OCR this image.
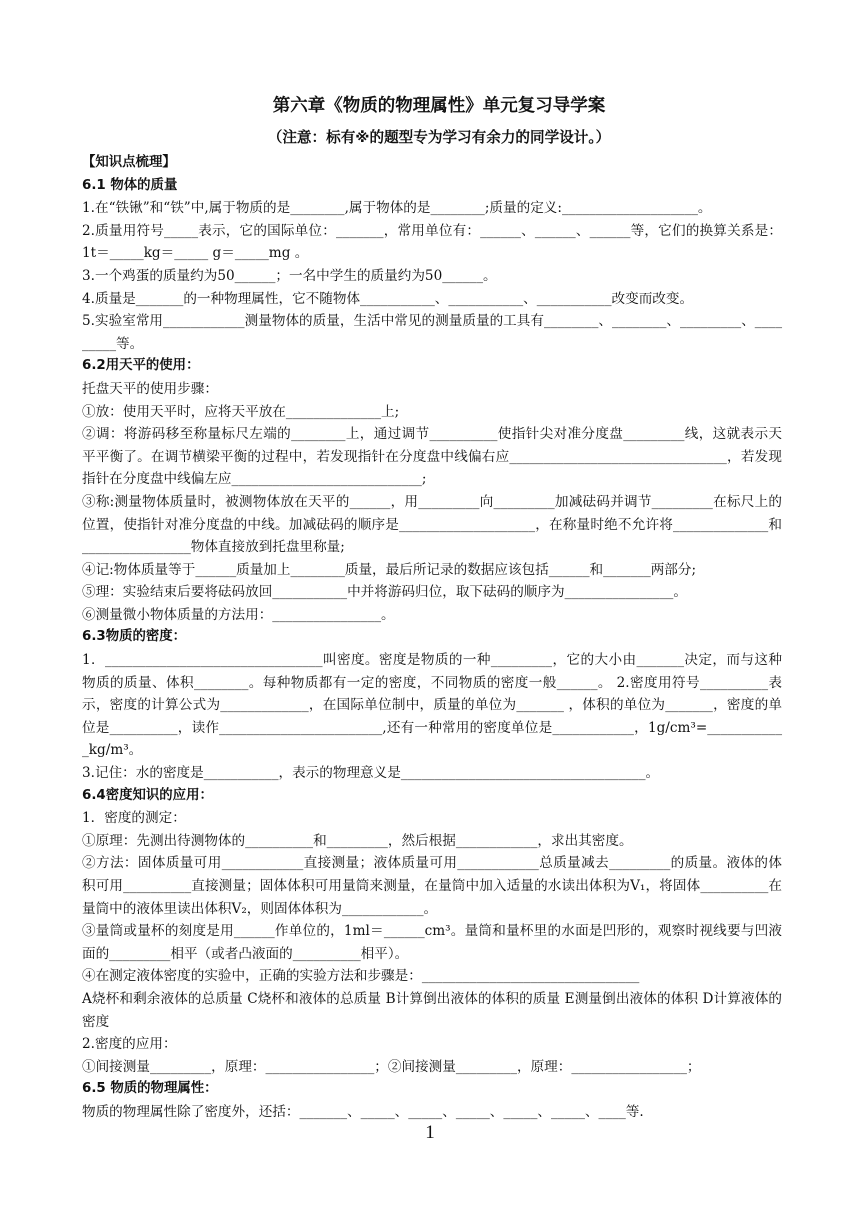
第六章《物质的物理属性》单元复习导学案
（注意：标有※的题型专为学习有余力的同学设计。）
【知识点梳理】
6.1 物体的质量
1.在“铁锹”和“铁”中,属于物质的是________,属于物体的是________;质量的定义:____________________。
2.质量用符号_____表示，它的国际单位：_______，常用单位有：______、______、______等，它们的换算关系是：1t＝_____kg＝_____ g＝_____mg 。
3.一个鸡蛋的质量约为50______；一名中学生的质量约为50______。
4.质量是_______的一种物理属性，它不随物体___________、___________、___________改变而改变。
5.实验室常用____________测量物体的质量，生活中常见的测量质量的工具有________、________、_________、_________等。
6.2用天平的使用：
托盘天平的使用步骤：
①放：使用天平时，应将天平放在______________上;
②调：将游码移至称量标尺左端的________上，通过调节__________使指针尖对准分度盘_________线，这就表示天平平衡了。在调节横梁平衡的过程中，若发现指针在分度盘中线偏右应________________________________，若发现指针在分度盘中线偏左应____________________________;
③称:测量物体质量时，被测物体放在天平的______，用_________向_________加减砝码并调节_________在标尺上的位置，使指针对准分度盘的中线。加减砝码的顺序是____________________，在称量时绝不允许将______________和________________物体直接放到托盘里称量;
④记:物体质量等于______质量加上________质量，最后所记录的数据应该包括______和_______两部分;
⑤理：实验结束后要将砝码放回___________中并将游码归位，取下砝码的顺序为________________。
⑥测量微小物体质量的方法用：________________。
6.3物质的密度：
1．________________________________叫密度。密度是物质的一种_________，它的大小由_______决定，而与这种物质的质量、体积________。每种物质都有一定的密度，不同物质的密度一般______。 2.密度用符号__________表示，密度的计算公式为_____________，在国际单位制中，质量的单位为_______ ，体积的单位为_______，密度的单位是__________，读作________________________,还有一种常用的密度单位是____________，1g/cm³=____________kg/m³。
3.记住：水的密度是___________，表示的物理意义是____________________________________。
6.4密度知识的应用：
1．密度的测定：
①原理：先测出待测物体的__________和_________，然后根据____________，求出其密度。
②方法：固体质量可用____________直接测量；液体质量可用____________总质量减去_________的质量。液体的体积可用__________直接测量；固体体积可用量筒来测量，在量筒中加入适量的水读出体积为V₁，将固体__________在量筒中的液体里读出体积V₂，则固体体积为____________。
③量筒或量杯的刻度是用______作单位的，1ml＝______cm³。量筒和量杯里的水面是凹形的，观察时视线要与凹液面的_________相平（或者凸液面的__________相平）。
④在测定液体密度的实验中，正确的实验方法和步骤是：________________________________
A烧杯和剩余液体的总质量 C烧杯和液体的总质量 B计算倒出液体的体积的质量 E测量倒出液体的体积 D计算液体的密度
2.密度的应用：
①间接测量_________，原理：________________；②间接测量_________，原理：_________________；
6.5 物质的物理属性：
物质的物理属性除了密度外，还括：_______、_____、_____、_____、_____、_____、____等.
1
